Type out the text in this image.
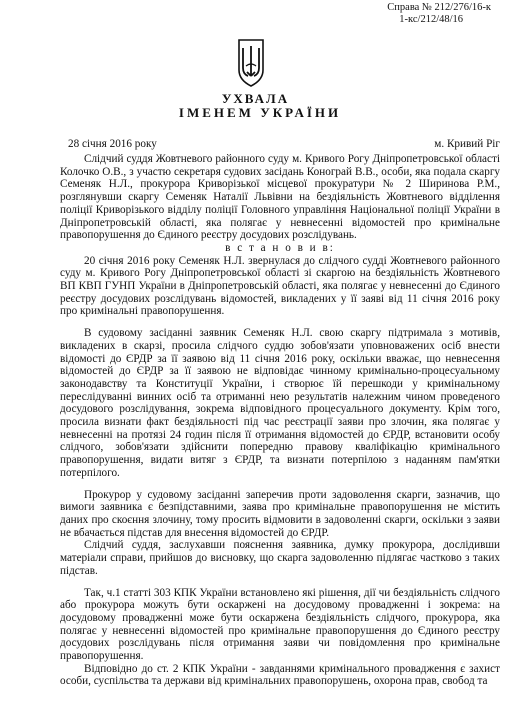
Справа № 212/276/16-к
1-кс/212/48/16
УХВАЛА
ІМЕНЕМ УКРАЇНИ
28 січня 2016 року	м. Кривий Ріг

Слідчий суддя Жовтневого районного суду м. Кривого Рогу Дніпропетровської області Колочко О.В., з участю секретаря судових засідань Конограй В.В., особи, яка подала скаргу Семеняк Н.Л., прокурора Криворізької місцевої прокуратури № 2 Ширинова Р.М., розглянувши скаргу Семеняк Наталії Львівни на бездіяльність Жовтневого відділення поліції Криворізького відділу поліції Головного управління Національної поліції України в Дніпропетровській області, яка полягає у невнесенні відомостей про кримінальне правопорушення до Єдиного реєстру досудових розслідувань.

в с т а н о в и в:

20 січня 2016 року Семеняк Н.Л. звернулася до слідчого судді Жовтневого районного суду м. Кривого Рогу Дніпропетровської області зі скаргою на бездіяльність Жовтневого ВП КВП ГУНП України в Дніпропетровській області, яка полягає у невнесенні до Єдиного реєстру досудових розслідувань відомостей, викладених у її заяві від 11 січня 2016 року про кримінальні правопорушення.

В судовому засіданні заявник Семеняк Н.Л. свою скаргу підтримала з мотивів, викладених в скарзі, просила слідчого суддю зобов'язати уповноважених осіб внести відомості до ЄРДР за її заявою від 11 січня 2016 року, оскільки вважає, що невнесення відомостей до ЄРДР за її заявою не відповідає чинному кримінально-процесуальному законодавству та Конституції України, і створює їй перешкоди у кримінальному переслідуванні винних осіб та отриманні нею результатів належним чином проведеного досудового розслідування, зокрема відповідного процесуального документу. Крім того, просила визнати факт бездіяльності під час реєстрації заяви про злочин, яка полягає у невнесенні на протязі 24 годин після її отримання відомостей до ЄРДР, встановити особу слідчого, зобов'язати здійснити попередню правову кваліфікацію кримінального правопорушення, видати витяг з ЄРДР, та визнати потерпілою з наданням пам'ятки потерпілого.

Прокурор у судовому засіданні заперечив проти задоволення скарги, зазначив, що вимоги заявника є безпідставними, заява про кримінальне правопорушення не містить даних про скоєння злочину, тому просить відмовити в задоволенні скарги, оскільки з заяви не вбачається підстав для внесення відомостей до ЄРДР.

Слідчий суддя, заслухавши пояснення заявника, думку прокурора, дослідивши матеріали справи, прийшов до висновку, що скарга задоволенню підлягає частково з таких підстав.

Так, ч.1 статті 303 КПК України встановлено які рішення, дії чи бездіяльність слідчого або прокурора можуть бути оскаржені на досудовому провадженні і зокрема: на досудовому провадженні може бути оскаржена бездіяльність слідчого, прокурора, яка полягає у невнесенні відомостей про кримінальне правопорушення до Єдиного реєстру досудових розслідувань після отримання заяви чи повідомлення про кримінальне правопорушення.

Відповідно до ст. 2 КПК України - завданнями кримінального провадження є захист особи, суспільства та держави від кримінальних правопорушень, охорона прав, свобод та
